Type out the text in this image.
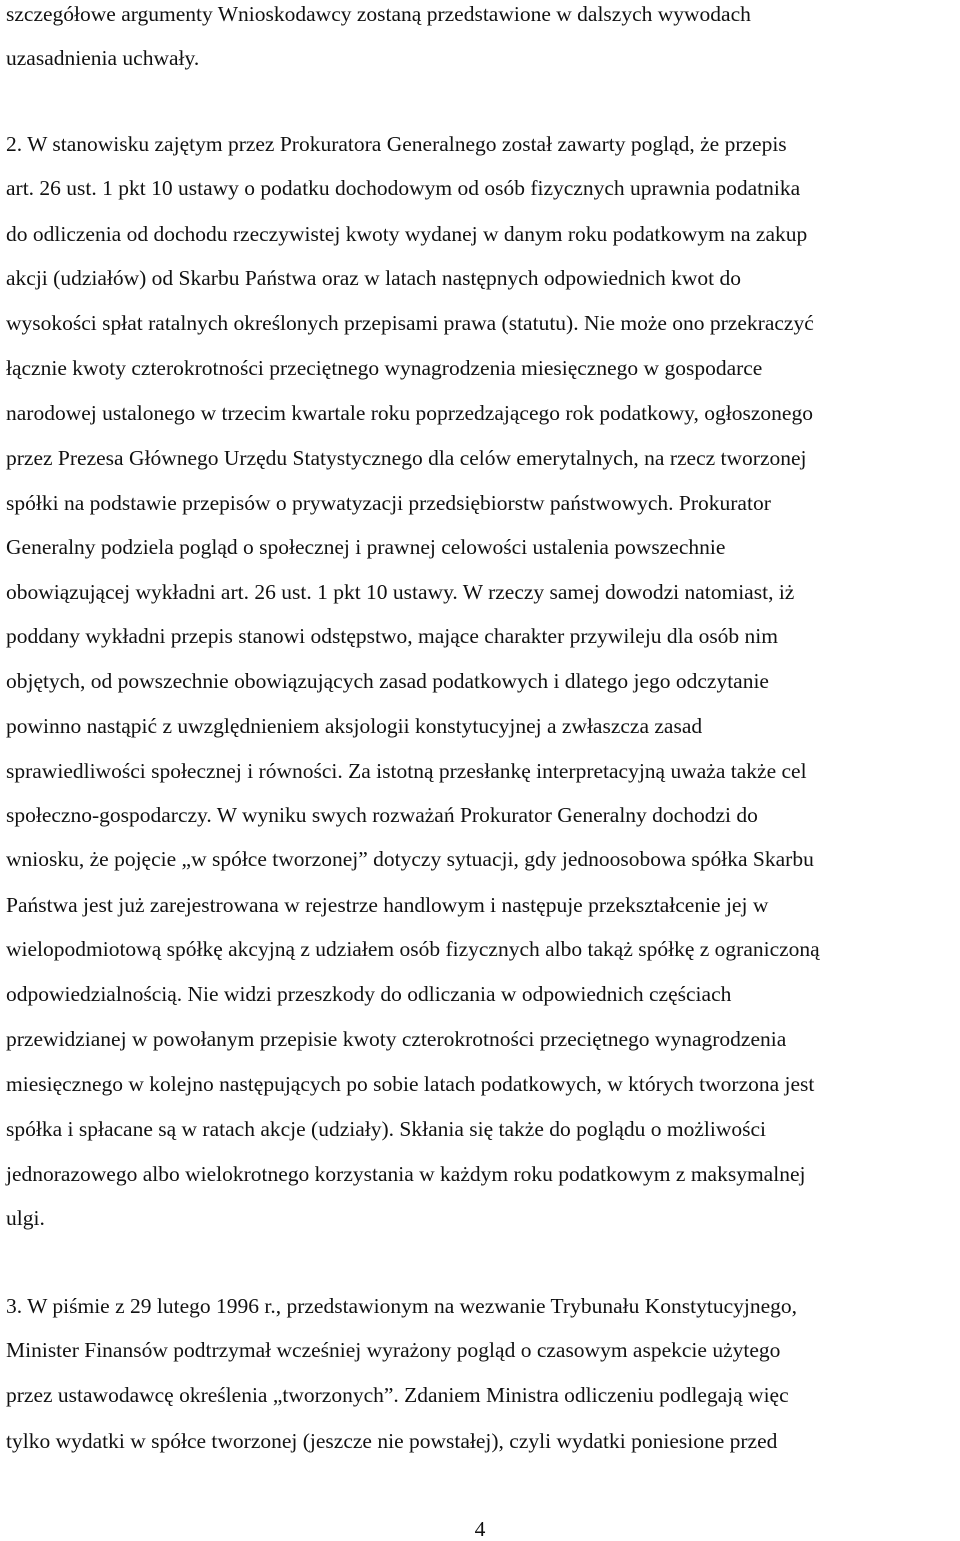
szczegółowe argumenty Wnioskodawcy zostaną przedstawione w dalszych wywodach
uzasadnienia uchwały.
2. W stanowisku zajętym przez Prokuratora Generalnego został zawarty pogląd, że przepis
art. 26 ust. 1 pkt 10 ustawy o podatku dochodowym od osób fizycznych uprawnia podatnika
do odliczenia od dochodu rzeczywistej kwoty wydanej w danym roku podatkowym na zakup
akcji (udziałów) od Skarbu Państwa oraz w latach następnych odpowiednich kwot do
wysokości spłat ratalnych określonych przepisami prawa (statutu). Nie może ono przekraczyć
łącznie kwoty czterokrotności przeciętnego wynagrodzenia miesięcznego w gospodarce
narodowej ustalonego w trzecim kwartale roku poprzedzającego rok podatkowy, ogłoszonego
przez Prezesa Głównego Urzędu Statystycznego dla celów emerytalnych, na rzecz tworzonej
spółki na podstawie przepisów o prywatyzacji przedsiębiorstw państwowych. Prokurator
Generalny podziela pogląd o społecznej i prawnej celowości ustalenia powszechnie
obowiązującej wykładni art. 26 ust. 1 pkt 10 ustawy. W rzeczy samej dowodzi natomiast, iż
poddany wykładni przepis stanowi odstępstwo, mające charakter przywileju dla osób nim
objętych, od powszechnie obowiązujących zasad podatkowych i dlatego jego odczytanie
powinno nastąpić z uwzględnieniem aksjologii konstytucyjnej a zwłaszcza zasad
sprawiedliwości społecznej i równości. Za istotną przesłankę interpretacyjną uważa także cel
społeczno-gospodarczy. W wyniku swych rozważań Prokurator Generalny dochodzi do
wniosku, że pojęcie „w spółce tworzonej” dotyczy sytuacji, gdy jednoosobowa spółka Skarbu
Państwa jest już zarejestrowana w rejestrze handlowym i następuje przekształcenie jej w
wielopodmiotową spółkę akcyjną z udziałem osób fizycznych albo takąż spółkę z ograniczoną
odpowiedzialnością. Nie widzi przeszkody do odliczania w odpowiednich częściach
przewidzianej w powołanym przepisie kwoty czterokrotności przeciętnego wynagrodzenia
miesięcznego w kolejno następujących po sobie latach podatkowych, w których tworzona jest
spółka i spłacane są w ratach akcje (udziały). Skłania się także do poglądu o możliwości
jednorazowego albo wielokrotnego korzystania w każdym roku podatkowym z maksymalnej
ulgi.
3. W piśmie z 29 lutego 1996 r., przedstawionym na wezwanie Trybunału Konstytucyjnego,
Minister Finansów podtrzymał wcześniej wyrażony pogląd o czasowym aspekcie użytego
przez ustawodawcę określenia „tworzonych”. Zdaniem Ministra odliczeniu podlegają więc
tylko wydatki w spółce tworzonej (jeszcze nie powstałej), czyli wydatki poniesione przed
4
